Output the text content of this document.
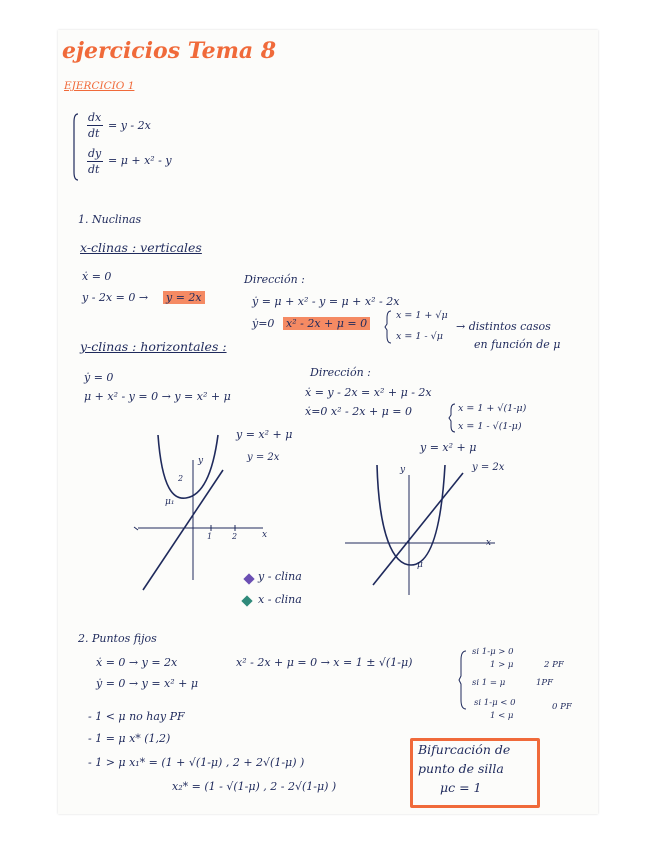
ejercicios Tema 8
EJERCICIO 1
dx
dt
= y - 2x
dy
dt
= μ + x² - y
1. Nuclinas
x-clinas : verticales
ẋ = 0
y - 2x = 0 → y = 2x
Dirección :
ẏ = μ + x² - y = μ + x² - 2x
ẏ=0 x² - 2x + μ = 0
x = 1 + √μ
x = 1 - √μ
→ distintos casos
en función de μ
y-clinas : horizontales :
ẏ = 0
μ + x² - y = 0 → y = x² + μ
Dirección :
ẋ = y - 2x = x² + μ - 2x
ẋ=0 x² - 2x + μ = 0	x = 1 + √(1-μ)
x = 1 - √(1-μ)
y = x² + μ
y = 2x
y
x
1 2
2
μ₁
y = x² + μ
y = 2x
y
x
μ
y - clina
x - clina
2. Puntos fijos
ẋ = 0 → y = 2x
ẏ = 0 → y = x² + μ
x² - 2x + μ = 0 → x = 1 ± √(1-μ)
si 1-μ > 0
1 > μ	2 PF
si 1 = μ	1PF
si 1-μ < 0
1 < μ
0 PF
- 1 < μ no hay PF
- 1 = μ x* (1,2)
- 1 > μ x₁* = (1 + √(1-μ) , 2 + 2√(1-μ) )
x₂* = (1 - √(1-μ) , 2 - 2√(1-μ) )
Bifurcación de
punto de silla
μc = 1
